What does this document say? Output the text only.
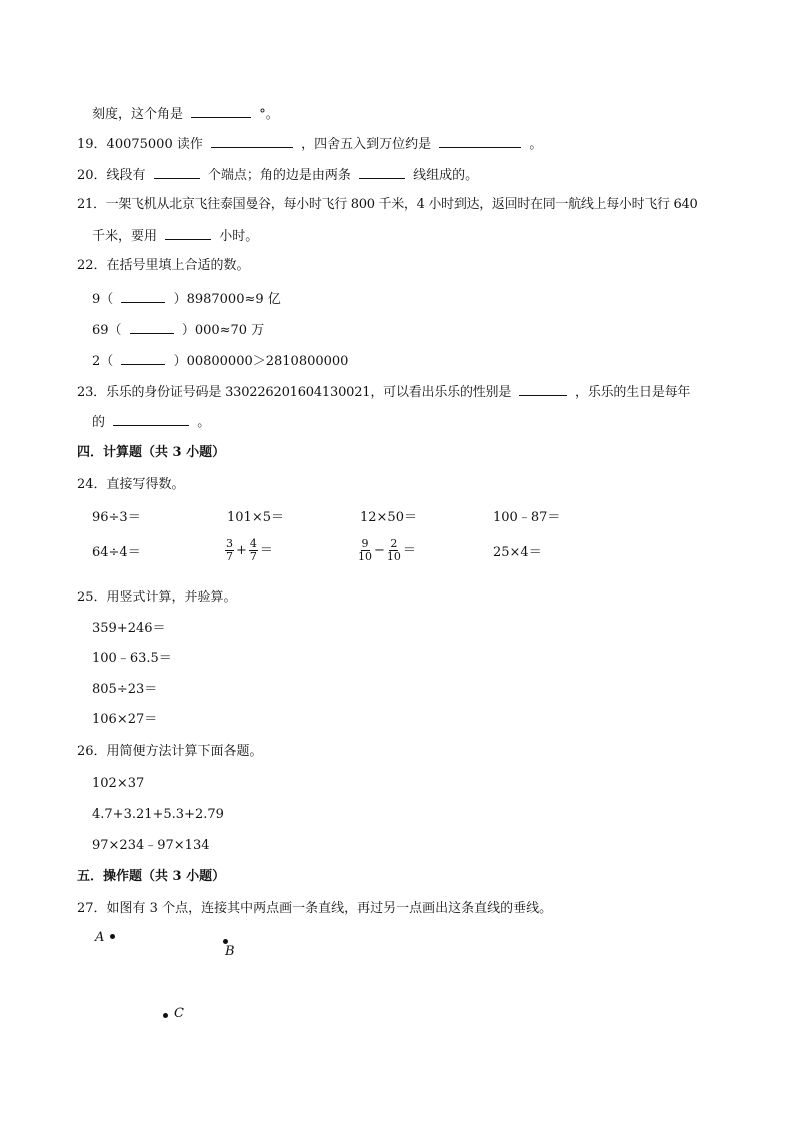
刻度，这个角是	°。
19．40075000 读作	，四舍五入到万位约是	。
20．线段有	个端点；角的边是由两条	线组成的。
21．一架飞机从北京飞往泰国曼谷，每小时飞行 800 千米，4 小时到达，返回时在同一航线上每小时飞行 640
千米，要用	小时。
22．在括号里填上合适的数。
9（	）8987000≈9 亿
69（	）000≈70 万
2（	）00800000＞2810800000
23．乐乐的身份证号码是 330226201604130021，可以看出乐乐的性别是	，乐乐的生日是每年
的	。
四．计算题（共 3 小题）
24．直接写得数。
96÷3＝	101×5＝	12×50＝	100﹣87＝
64÷4＝	$\frac{3}{7} + \frac{4}{7}$ ＝	$\frac{9}{10} - \frac{2}{10}$ ＝	25×4＝
25．用竖式计算，并验算。
359+246＝
100﹣63.5＝
805÷23＝
106×27＝
26．用简便方法计算下面各题。
102×37
4.7+3.21+5.3+2.79
97×234﹣97×134
五．操作题（共 3 小题）
27．如图有 3 个点，连接其中两点画一条直线，再过另一点画出这条直线的垂线。
A
B
C
